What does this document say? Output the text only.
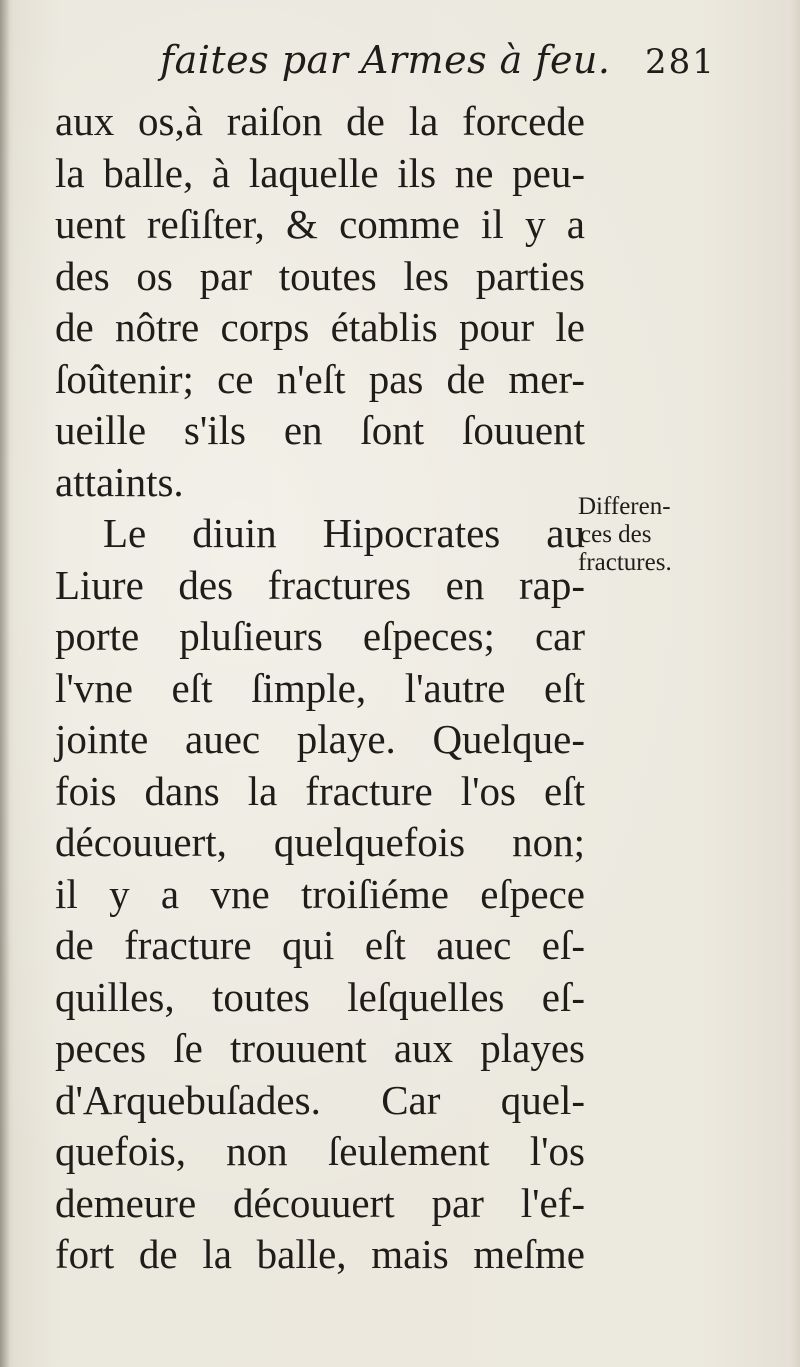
faites par Armes à feu. 281
aux os,à raiſon de la forcede
la balle, à laquelle ils ne peu-
uent reſiſter, & comme il y a
des os par toutes les parties
de nôtre corps établis pour le
ſoûtenir; ce n'eſt pas de mer-
ueille s'ils en ſont ſouuent
attaints.
Le diuin Hipocrates au
Liure des fractures en rap-
porte pluſieurs eſpeces; car
l'vne eſt ſimple, l'autre eſt
jointe auec playe. Quelque-
fois dans la fracture l'os eſt
découuert, quelquefois non;
il y a vne troiſiéme eſpece
de fracture qui eſt auec eſ-
quilles, toutes leſquelles eſ-
peces ſe trouuent aux playes
d'Arquebuſades. Car quel-
quefois, non ſeulement l'os
demeure découuert par l'ef-
fort de la balle, mais meſme
Differen-
ces des
fractures.
